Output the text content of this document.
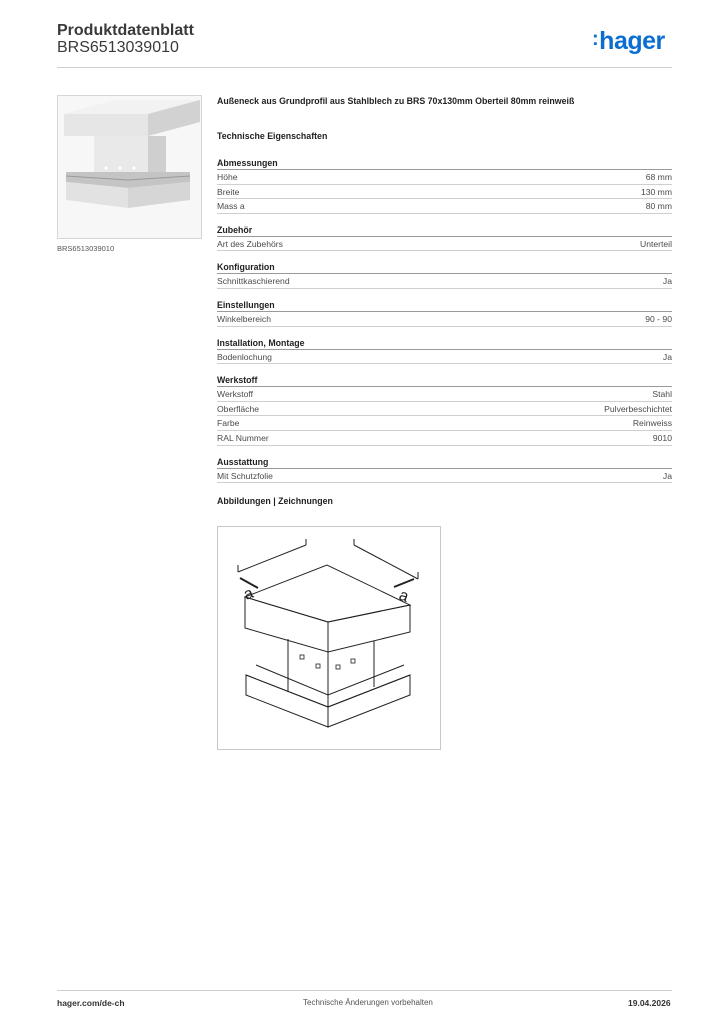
Produktdatenblatt
BRS6513039010	:hager
BRS6513039010
Außeneck aus Grundprofil aus Stahlblech zu BRS 70x130mm Oberteil 80mm reinweiß
Technische Eigenschaften
Abmessungen
Höhe	68 mm
Breite	130 mm
Mass a	80 mm
Zubehör
Art des Zubehörs	Unterteil
Konfiguration
Schnittkaschierend	Ja
Einstellungen
Winkelbereich	90 - 90
Installation, Montage
Bodenlochung	Ja
Werkstoff
Werkstoff	Stahl
Oberfläche	Pulverbeschichtet
Farbe	Reinweiss
RAL Nummer	9010
Ausstattung
Mit Schutzfolie	Ja
Abbildungen | Zeichnungen
a	a
hager.com/de-ch	Technische Änderungen vorbehalten	19.04.2026
